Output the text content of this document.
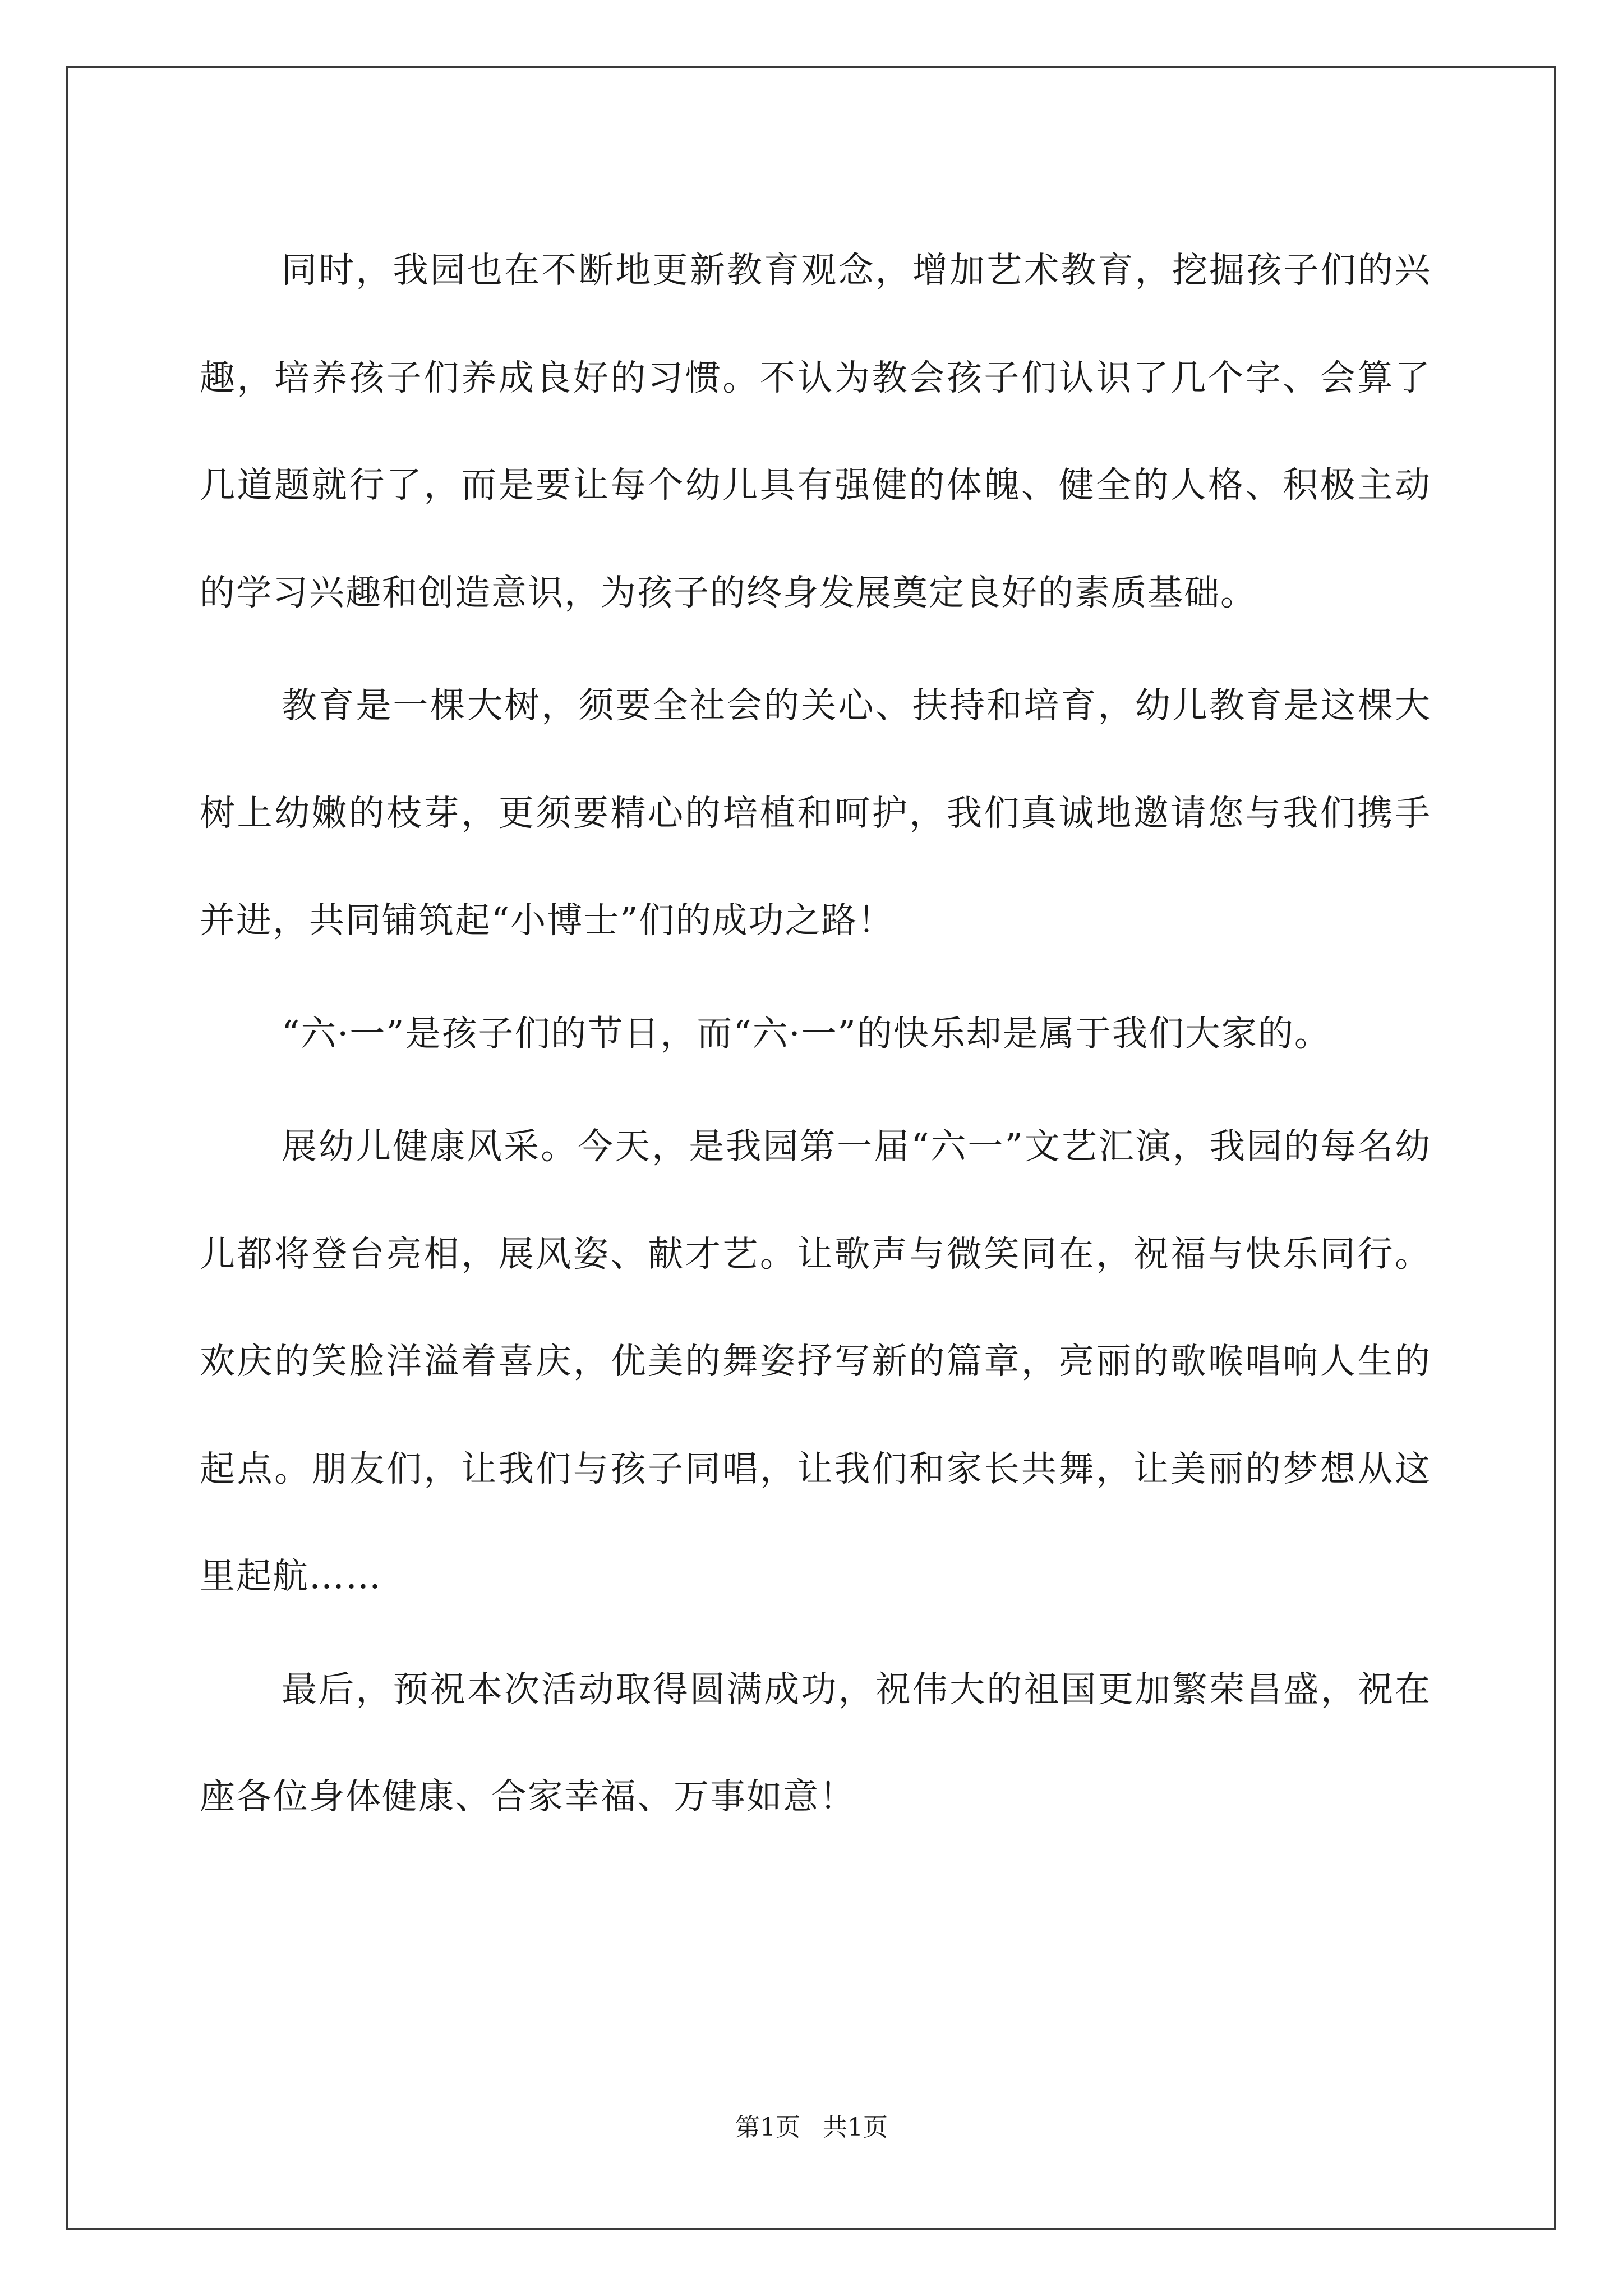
同时，我园也在不断地更新教育观念，增加艺术教育，挖掘孩子们的兴趣，培养孩子们养成良好的习惯。不认为教会孩子们认识了几个字、会算了几道题就行了，而是要让每个幼儿具有强健的体魄、健全的人格、积极主动的学习兴趣和创造意识，为孩子的终身发展奠定良好的素质基础。

教育是一棵大树，须要全社会的关心、扶持和培育，幼儿教育是这棵大树上幼嫩的枝芽，更须要精心的培植和呵护，我们真诚地邀请您与我们携手并进，共同铺筑起“小博士”们的成功之路！

“六·一”是孩子们的节日，而“六·一”的快乐却是属于我们大家的。

展幼儿健康风采。今天，是我园第一届“六一”文艺汇演，我园的每名幼儿都将登台亮相，展风姿、献才艺。让歌声与微笑同在，祝福与快乐同行。欢庆的笑脸洋溢着喜庆，优美的舞姿抒写新的篇章，亮丽的歌喉唱响人生的起点。朋友们，让我们与孩子同唱，让我们和家长共舞，让美丽的梦想从这里起航……

最后，预祝本次活动取得圆满成功，祝伟大的祖国更加繁荣昌盛，祝在座各位身体健康、合家幸福、万事如意！

第1页 共1页
